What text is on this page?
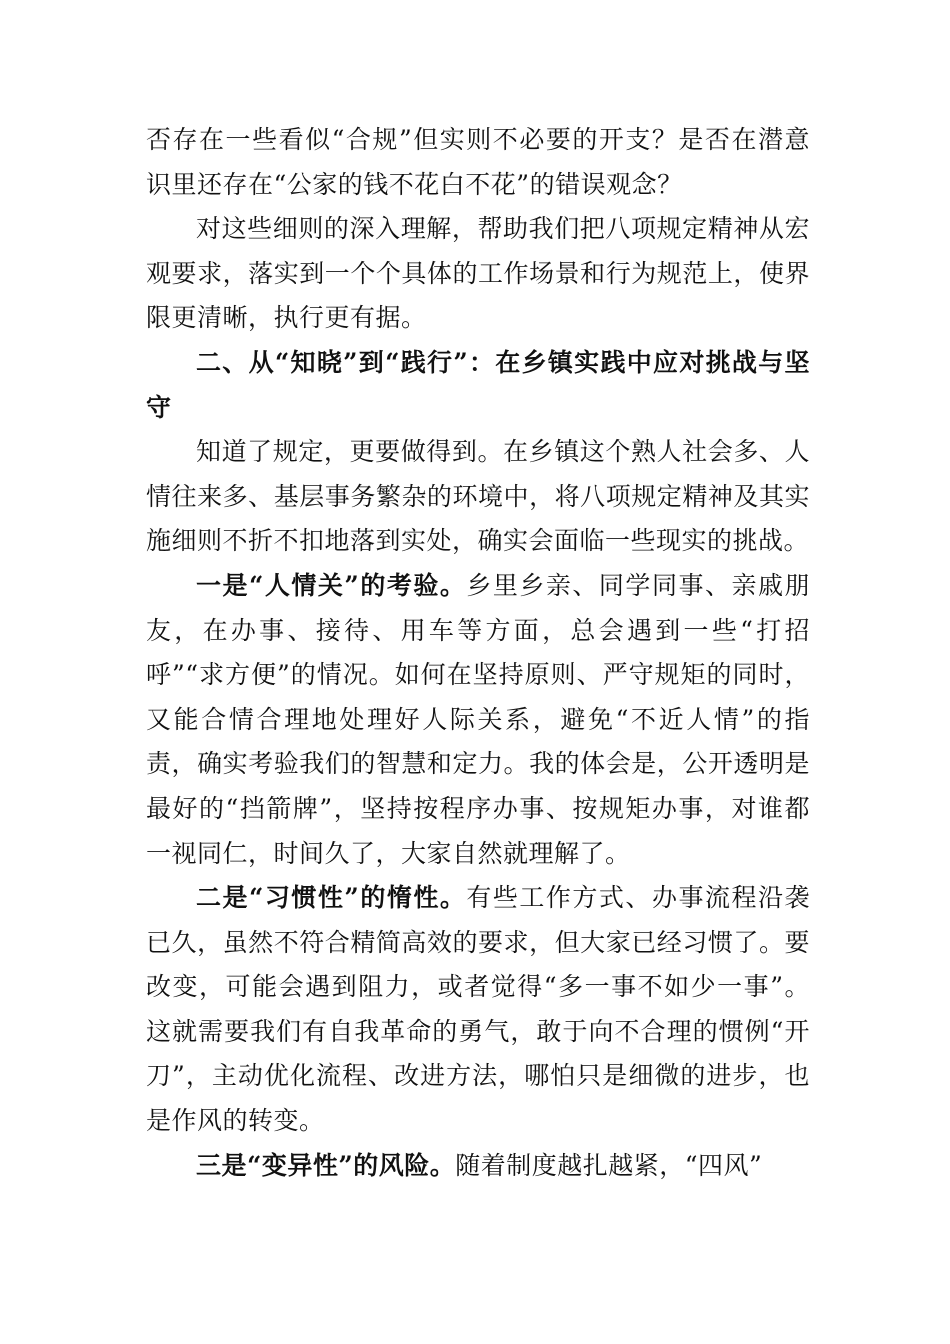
否存在一些看似“合规”但实则不必要的开支？是否在潜意识里还存在“公家的钱不花白不花”的错误观念？

对这些细则的深入理解，帮助我们把八项规定精神从宏观要求，落实到一个个具体的工作场景和行为规范上，使界限更清晰，执行更有据。

二、从“知晓”到“践行”：在乡镇实践中应对挑战与坚守

知道了规定，更要做得到。在乡镇这个熟人社会多、人情往来多、基层事务繁杂的环境中，将八项规定精神及其实施细则不折不扣地落到实处，确实会面临一些现实的挑战。

一是“人情关”的考验。乡里乡亲、同学同事、亲戚朋友，在办事、接待、用车等方面，总会遇到一些“打招呼”“求方便”的情况。如何在坚持原则、严守规矩的同时，又能合情合理地处理好人际关系，避免“不近人情”的指责，确实考验我们的智慧和定力。我的体会是，公开透明是最好的“挡箭牌”，坚持按程序办事、按规矩办事，对谁都一视同仁，时间久了，大家自然就理解了。

二是“习惯性”的惰性。有些工作方式、办事流程沿袭已久，虽然不符合精简高效的要求，但大家已经习惯了。要改变，可能会遇到阻力，或者觉得“多一事不如少一事”。这就需要我们有自我革命的勇气，敢于向不合理的惯例“开刀”，主动优化流程、改进方法，哪怕只是细微的进步，也是作风的转变。

三是“变异性”的风险。随着制度越扎越紧，“四风”
